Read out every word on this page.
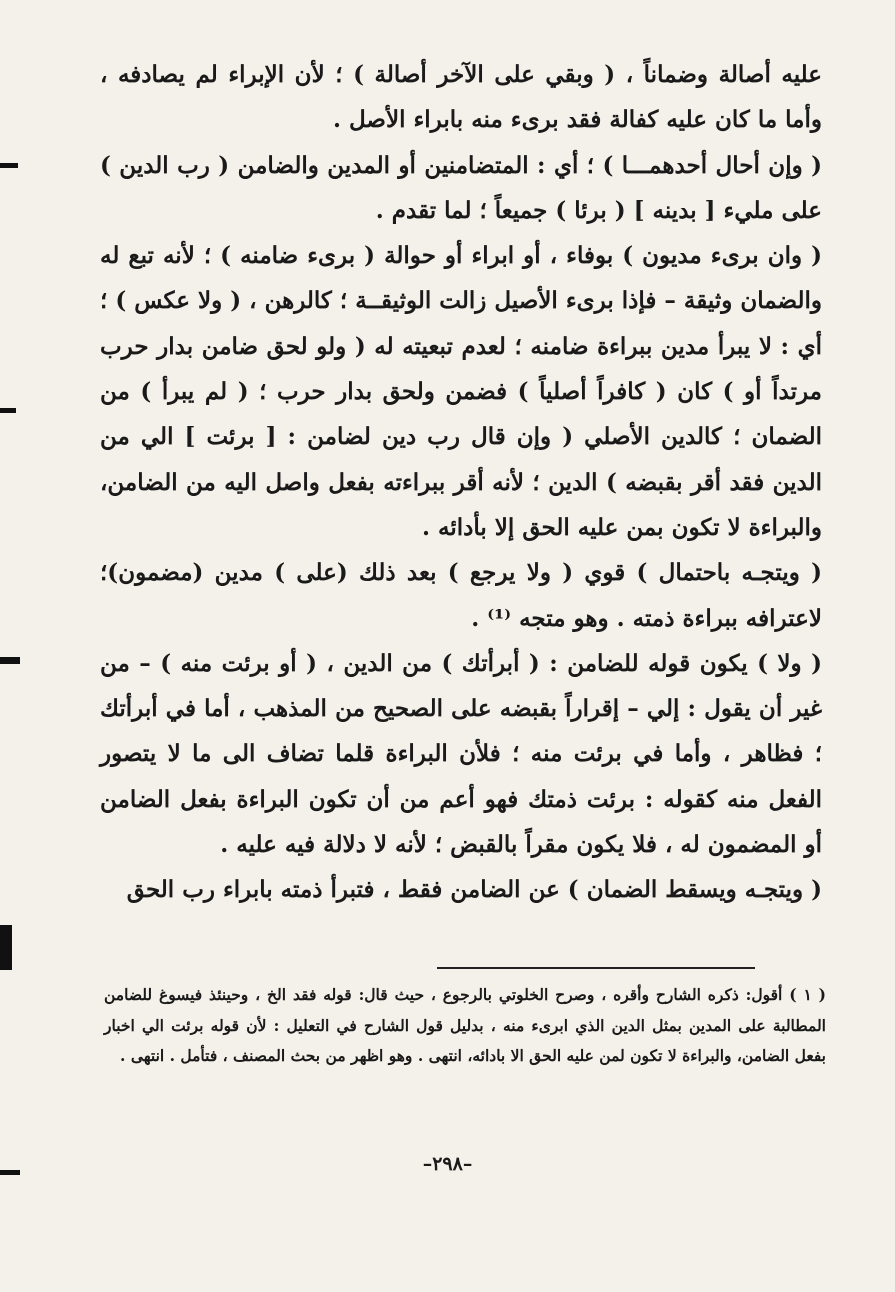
عليه أصالة وضماناً ، ( وبقي على الآخر أصالة ) ؛ لأن الإبراء لم يصادفه ، وأما ما كان عليه كفالة فقد برىء منه بابراء الأصل .

( وإن أحال أحدهمـــا ) ؛ أي : المتضامنين أو المدين والضامن ( رب الدين ) على مليء [ بدينه ] ( برئا ) جميعاً ؛ لما تقدم .

( وان برىء مديون ) بوفاء ، أو ابراء أو حوالة ( برىء ضامنه ) ؛ لأنه تبع له والضمان وثيقة – فإذا برىء الأصيل زالت الوثيقــة ؛ كالرهن ، ( ولا عكس ) ؛ أي : لا يبرأ مدين ببراءة ضامنه ؛ لعدم تبعيته له ( ولو لحق ضامن بدار حرب مرتداً أو ) كان ( كافراً أصلياً ) فضمن ولحق بدار حرب ؛ ( لم يبرأ ) من الضمان ؛ كالدين الأصلي ( وإن قال رب دين لضامن : [ برئت ] الي من الدين فقد أقر بقبضه ) الدين ؛ لأنه أقر ببراءته بفعل واصل اليه من الضامن، والبراءة لا تكون بمن عليه الحق إلا بأدائه .

( ويتجـه باحتمال ) قوي ( ولا يرجع ) بعد ذلك (على ) مدين (مضمون)؛ لاعترافه ببراءة ذمته . وهو متجه ⁽¹⁾ .

( ولا ) يكون قوله للضامن : ( أبرأتك ) من الدين ، ( أو برئت منه ) – من غير أن يقول : إلي – إقراراً بقبضه على الصحيح من المذهب ، أما في أبرأتك ؛ فظاهر ، وأما في برئت منه ؛ فلأن البراءة قلما تضاف الى ما لا يتصور الفعل منه كقوله : برئت ذمتك فهو أعم من أن تكون البراءة بفعل الضامن أو المضمون له ، فلا يكون مقراً بالقبض ؛ لأنه لا دلالة فيه عليه .

( ويتجـه ويسقط الضمان ) عن الضامن فقط ، فتبرأ ذمته بابراء رب الحق

( ١ ) أقول: ذكره الشارح وأقره ، وصرح الخلوتي بالرجوع ، حيث قال: قوله فقد الخ ، وحينئذ فيسوغ للضامن المطالبة على المدين بمثل الدين الذي ابرىء منه ، بدليل قول الشارح في التعليل : لأن قوله برئت الي اخبار بفعل الضامن، والبراءة لا تكون لمن عليه الحق الا بادائه، انتهى . وهو اظهر من بحث المصنف ، فتأمل . انتهى .

–٢٩٨–
